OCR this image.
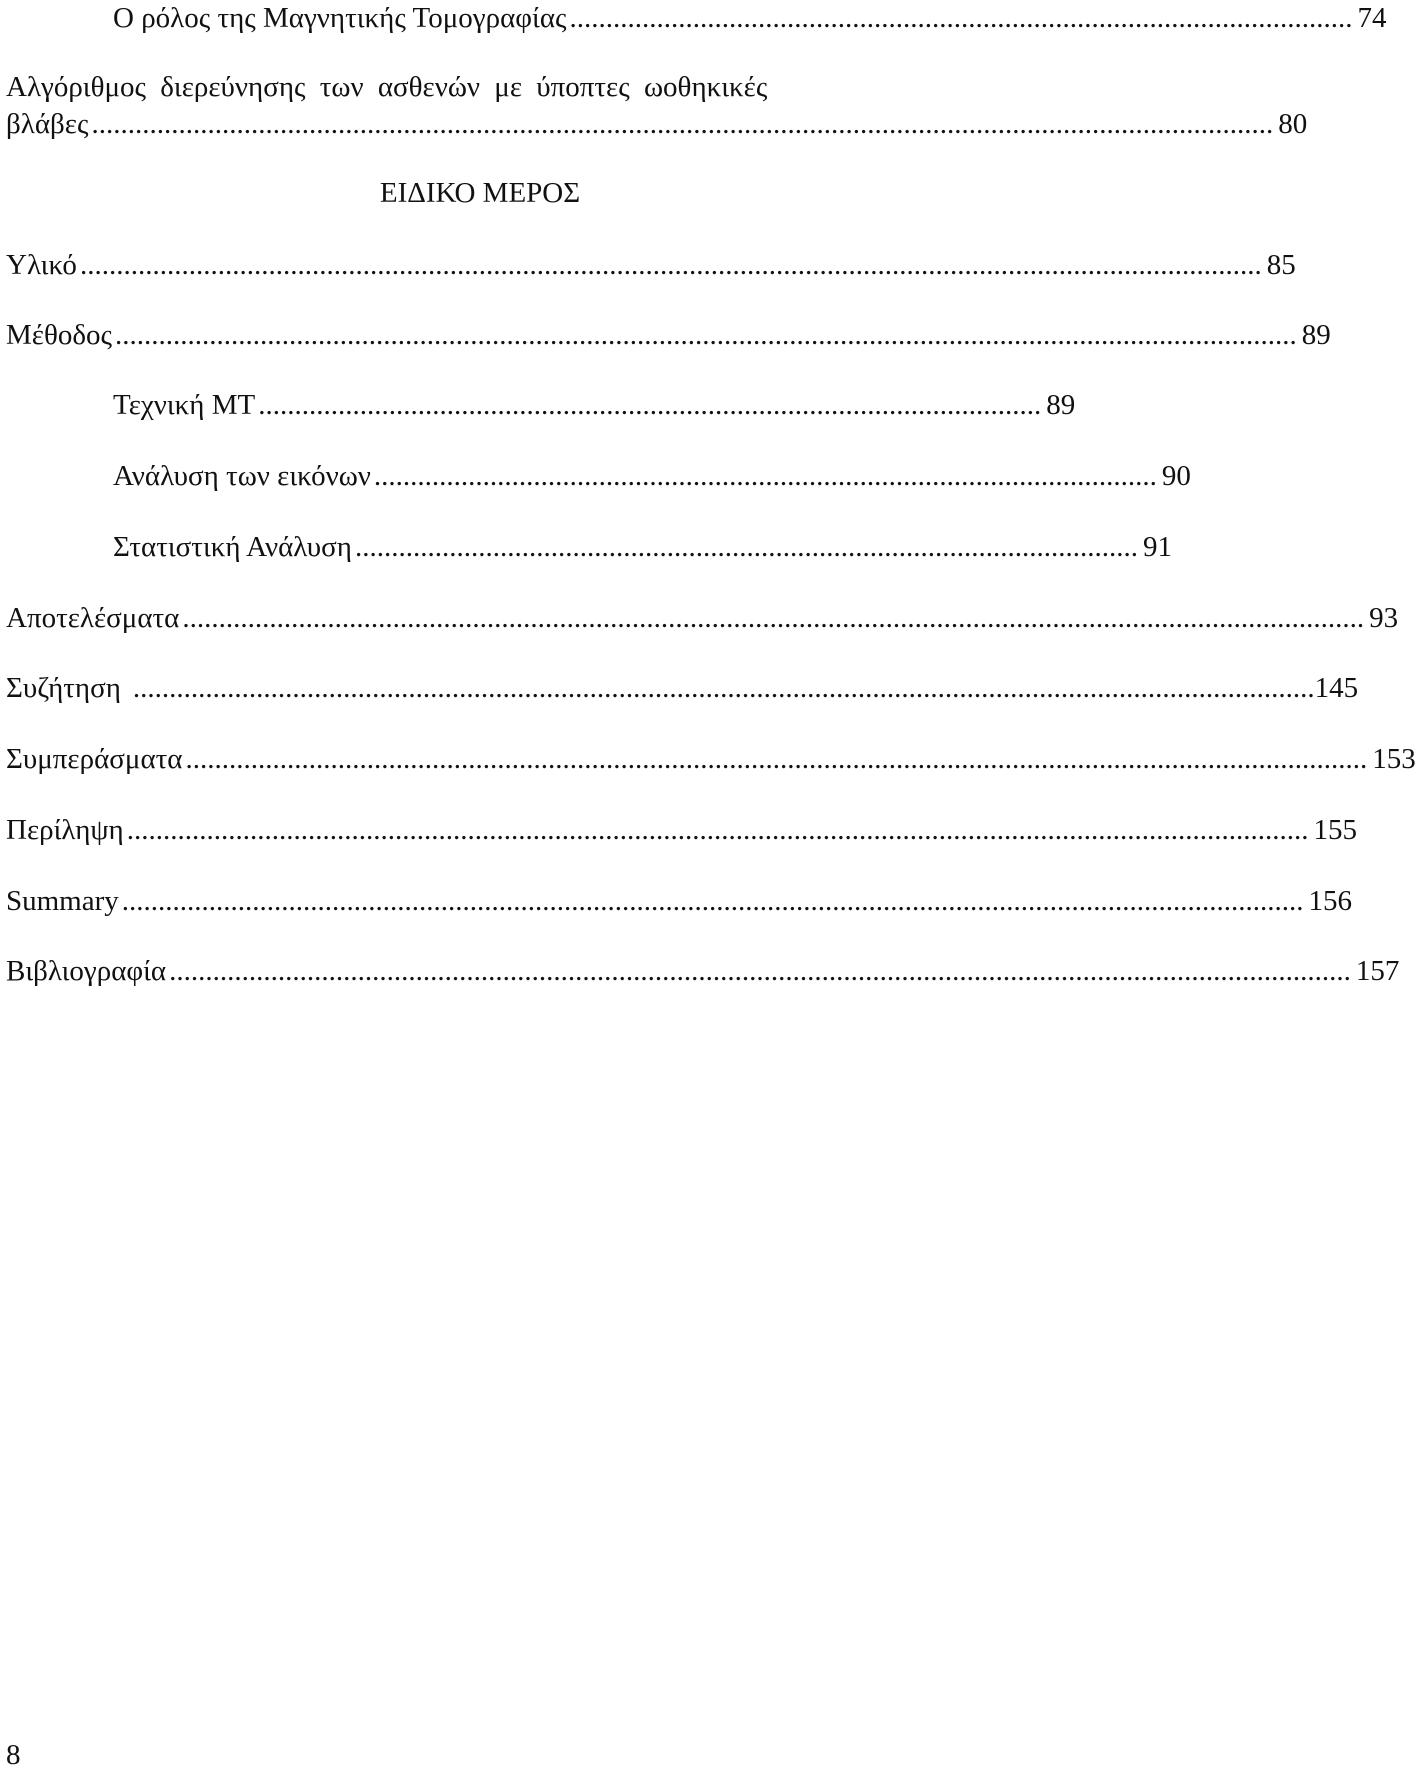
Ο ρόλος της Μαγνητικής Τομογραφίας ............................................................................................................ 74
Αλγόριθμος διερεύνησης των ασθενών με ύποπτες ωοθηκικές
βλάβες ................................................................................................................................................................... 80
ΕΙΔΙΚΟ ΜΕΡΟΣ
Υλικό ................................................................................................................................................................... 85
Μέθοδος ................................................................................................................................................................... 89
Τεχνική ΜΤ ............................................................................................................ 89
Ανάλυση των εικόνων ............................................................................................................ 90
Στατιστική Ανάλυση ............................................................................................................ 91
Αποτελέσματα ................................................................................................................................................................... 93
Συζήτηση ................................................................................................................................................................... 145
Συμπεράσματα ................................................................................................................................................................... 153
Περίληψη ................................................................................................................................................................... 155
Summary ................................................................................................................................................................... 156
Βιβλιογραφία ................................................................................................................................................................... 157
8
